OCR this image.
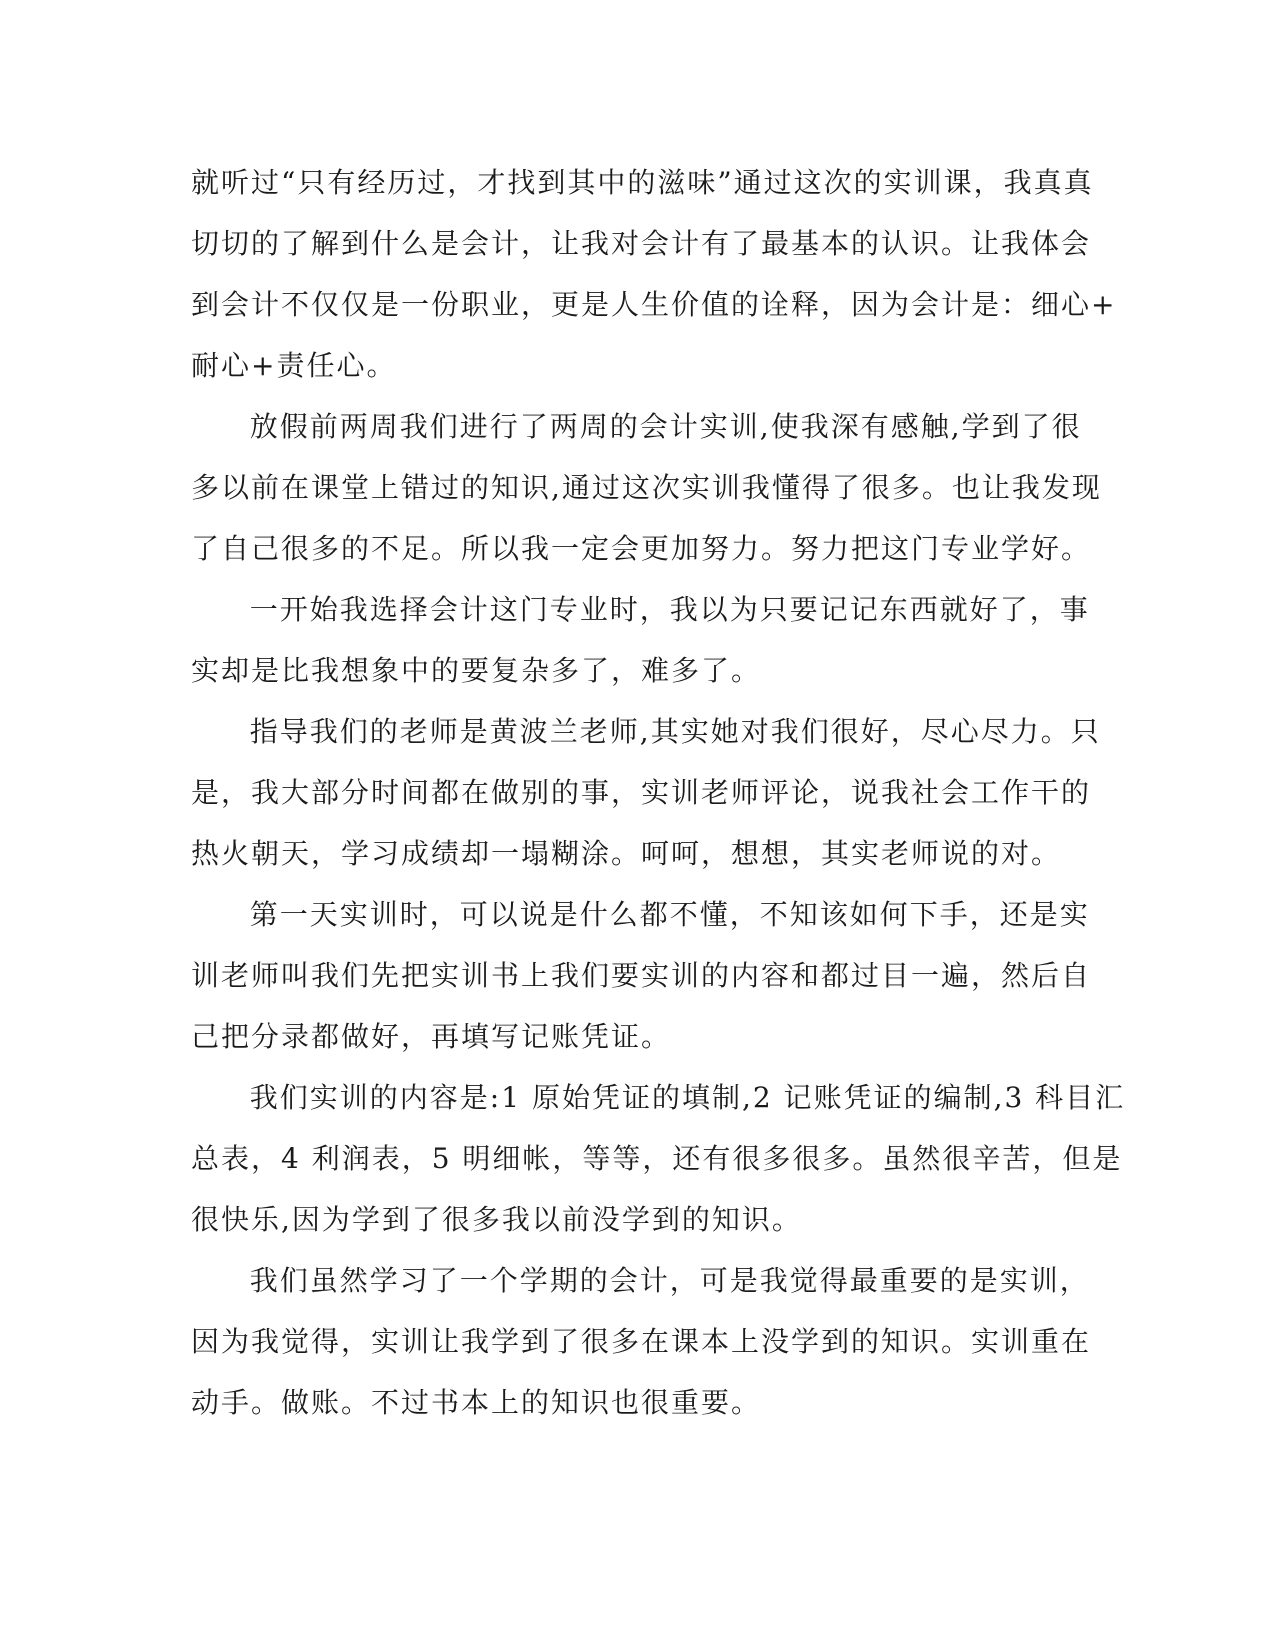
就听过“只有经历过，才找到其中的滋味”通过这次的实训课，我真真
切切的了解到什么是会计，让我对会计有了最基本的认识。让我体会
到会计不仅仅是一份职业，更是人生价值的诠释，因为会计是：细心+
耐心+责任心。

放假前两周我们进行了两周的会计实训,使我深有感触,学到了很
多以前在课堂上错过的知识,通过这次实训我懂得了很多。也让我发现
了自己很多的不足。所以我一定会更加努力。努力把这门专业学好。

一开始我选择会计这门专业时，我以为只要记记东西就好了，事
实却是比我想象中的要复杂多了，难多了。

指导我们的老师是黄波兰老师,其实她对我们很好，尽心尽力。只
是，我大部分时间都在做别的事，实训老师评论，说我社会工作干的
热火朝天，学习成绩却一塌糊涂。呵呵，想想，其实老师说的对。

第一天实训时，可以说是什么都不懂，不知该如何下手，还是实
训老师叫我们先把实训书上我们要实训的内容和都过目一遍，然后自
己把分录都做好，再填写记账凭证。

我们实训的内容是:1 原始凭证的填制,2 记账凭证的编制,3 科目汇
总表，4 利润表，5 明细帐，等等，还有很多很多。虽然很辛苦，但是
很快乐,因为学到了很多我以前没学到的知识。

我们虽然学习了一个学期的会计，可是我觉得最重要的是实训，
因为我觉得，实训让我学到了很多在课本上没学到的知识。实训重在
动手。做账。不过书本上的知识也很重要。
